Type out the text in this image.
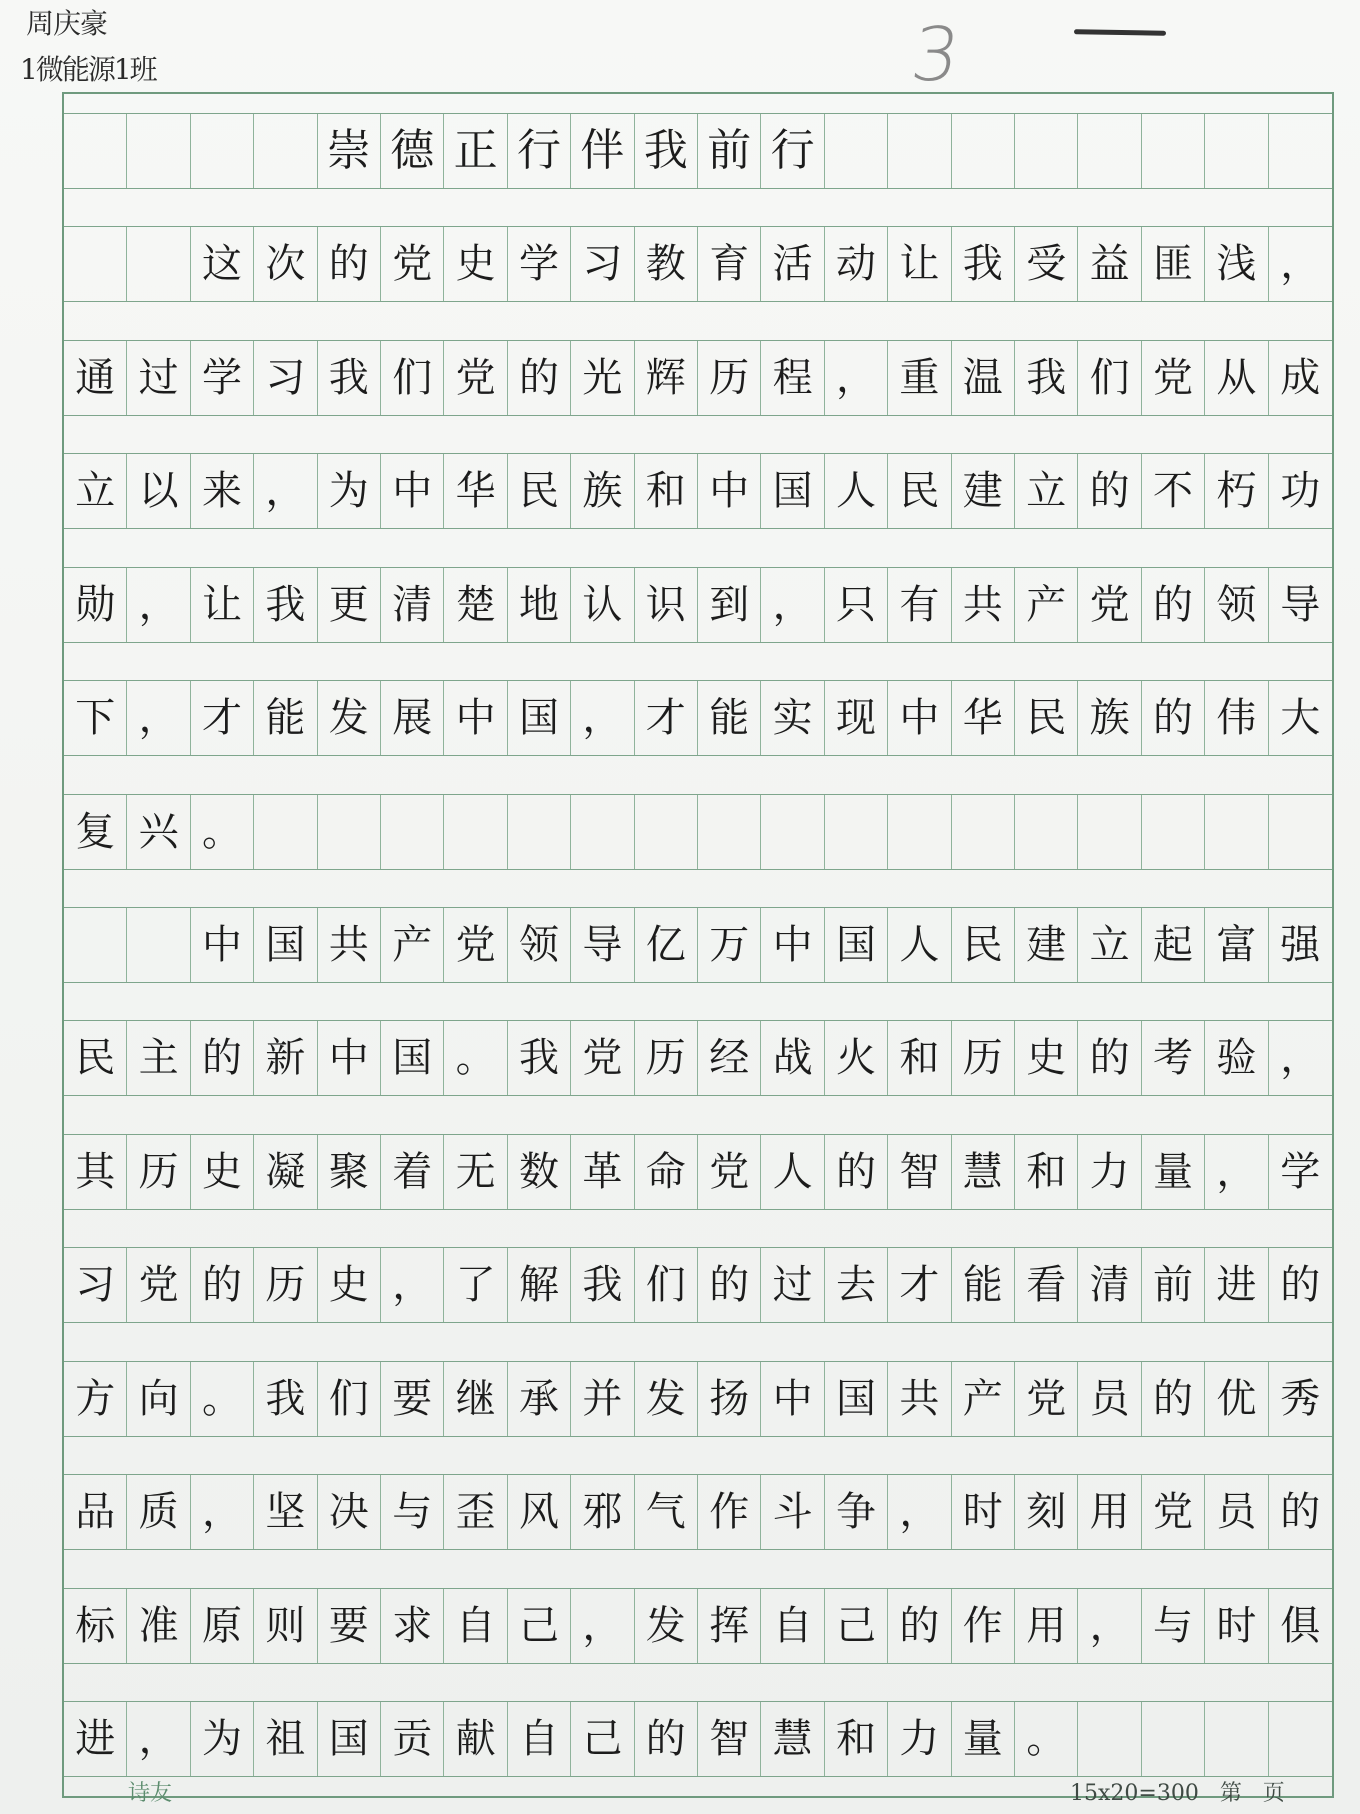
周庆豪
1微能源1班	3
崇 德 正 行 伴 我 前 行
这 次 的 党 史 学 习 教 育 活 动 让 我 受 益 匪 浅 ，
通 过 学 习 我 们 党 的 光 辉 历 程 ， 重 温 我 们 党 从 成
立 以 来 ， 为 中 华 民 族 和 中 国 人 民 建 立 的 不 朽 功
勋 ， 让 我 更 清 楚 地 认 识 到 ， 只 有 共 产 党 的 领 导
下 ， 才 能 发 展 中 国 ， 才 能 实 现 中 华 民 族 的 伟 大
复 兴 。
中 国 共 产 党 领 导 亿 万 中 国 人 民 建 立 起 富 强
民 主 的 新 中 国 。 我 党 历 经 战 火 和 历 史 的 考 验 ，
其 历 史 凝 聚 着 无 数 革 命 党 人 的 智 慧 和 力 量 ， 学
习 党 的 历 史 ， 了 解 我 们 的 过 去 才 能 看 清 前 进 的
方 向 。 我 们 要 继 承 并 发 扬 中 国 共 产 党 员 的 优 秀
品 质 ， 坚 决 与 歪 风 邪 气 作 斗 争 ， 时 刻 用 党 员 的
标 准 原 则 要 求 自 己 ， 发 挥 自 己 的 作 用 ， 与 时 俱
进 ， 为 祖 国 贡 献 自 己 的 智 慧 和 力 量 。
诗友	15x20=300 第 页
